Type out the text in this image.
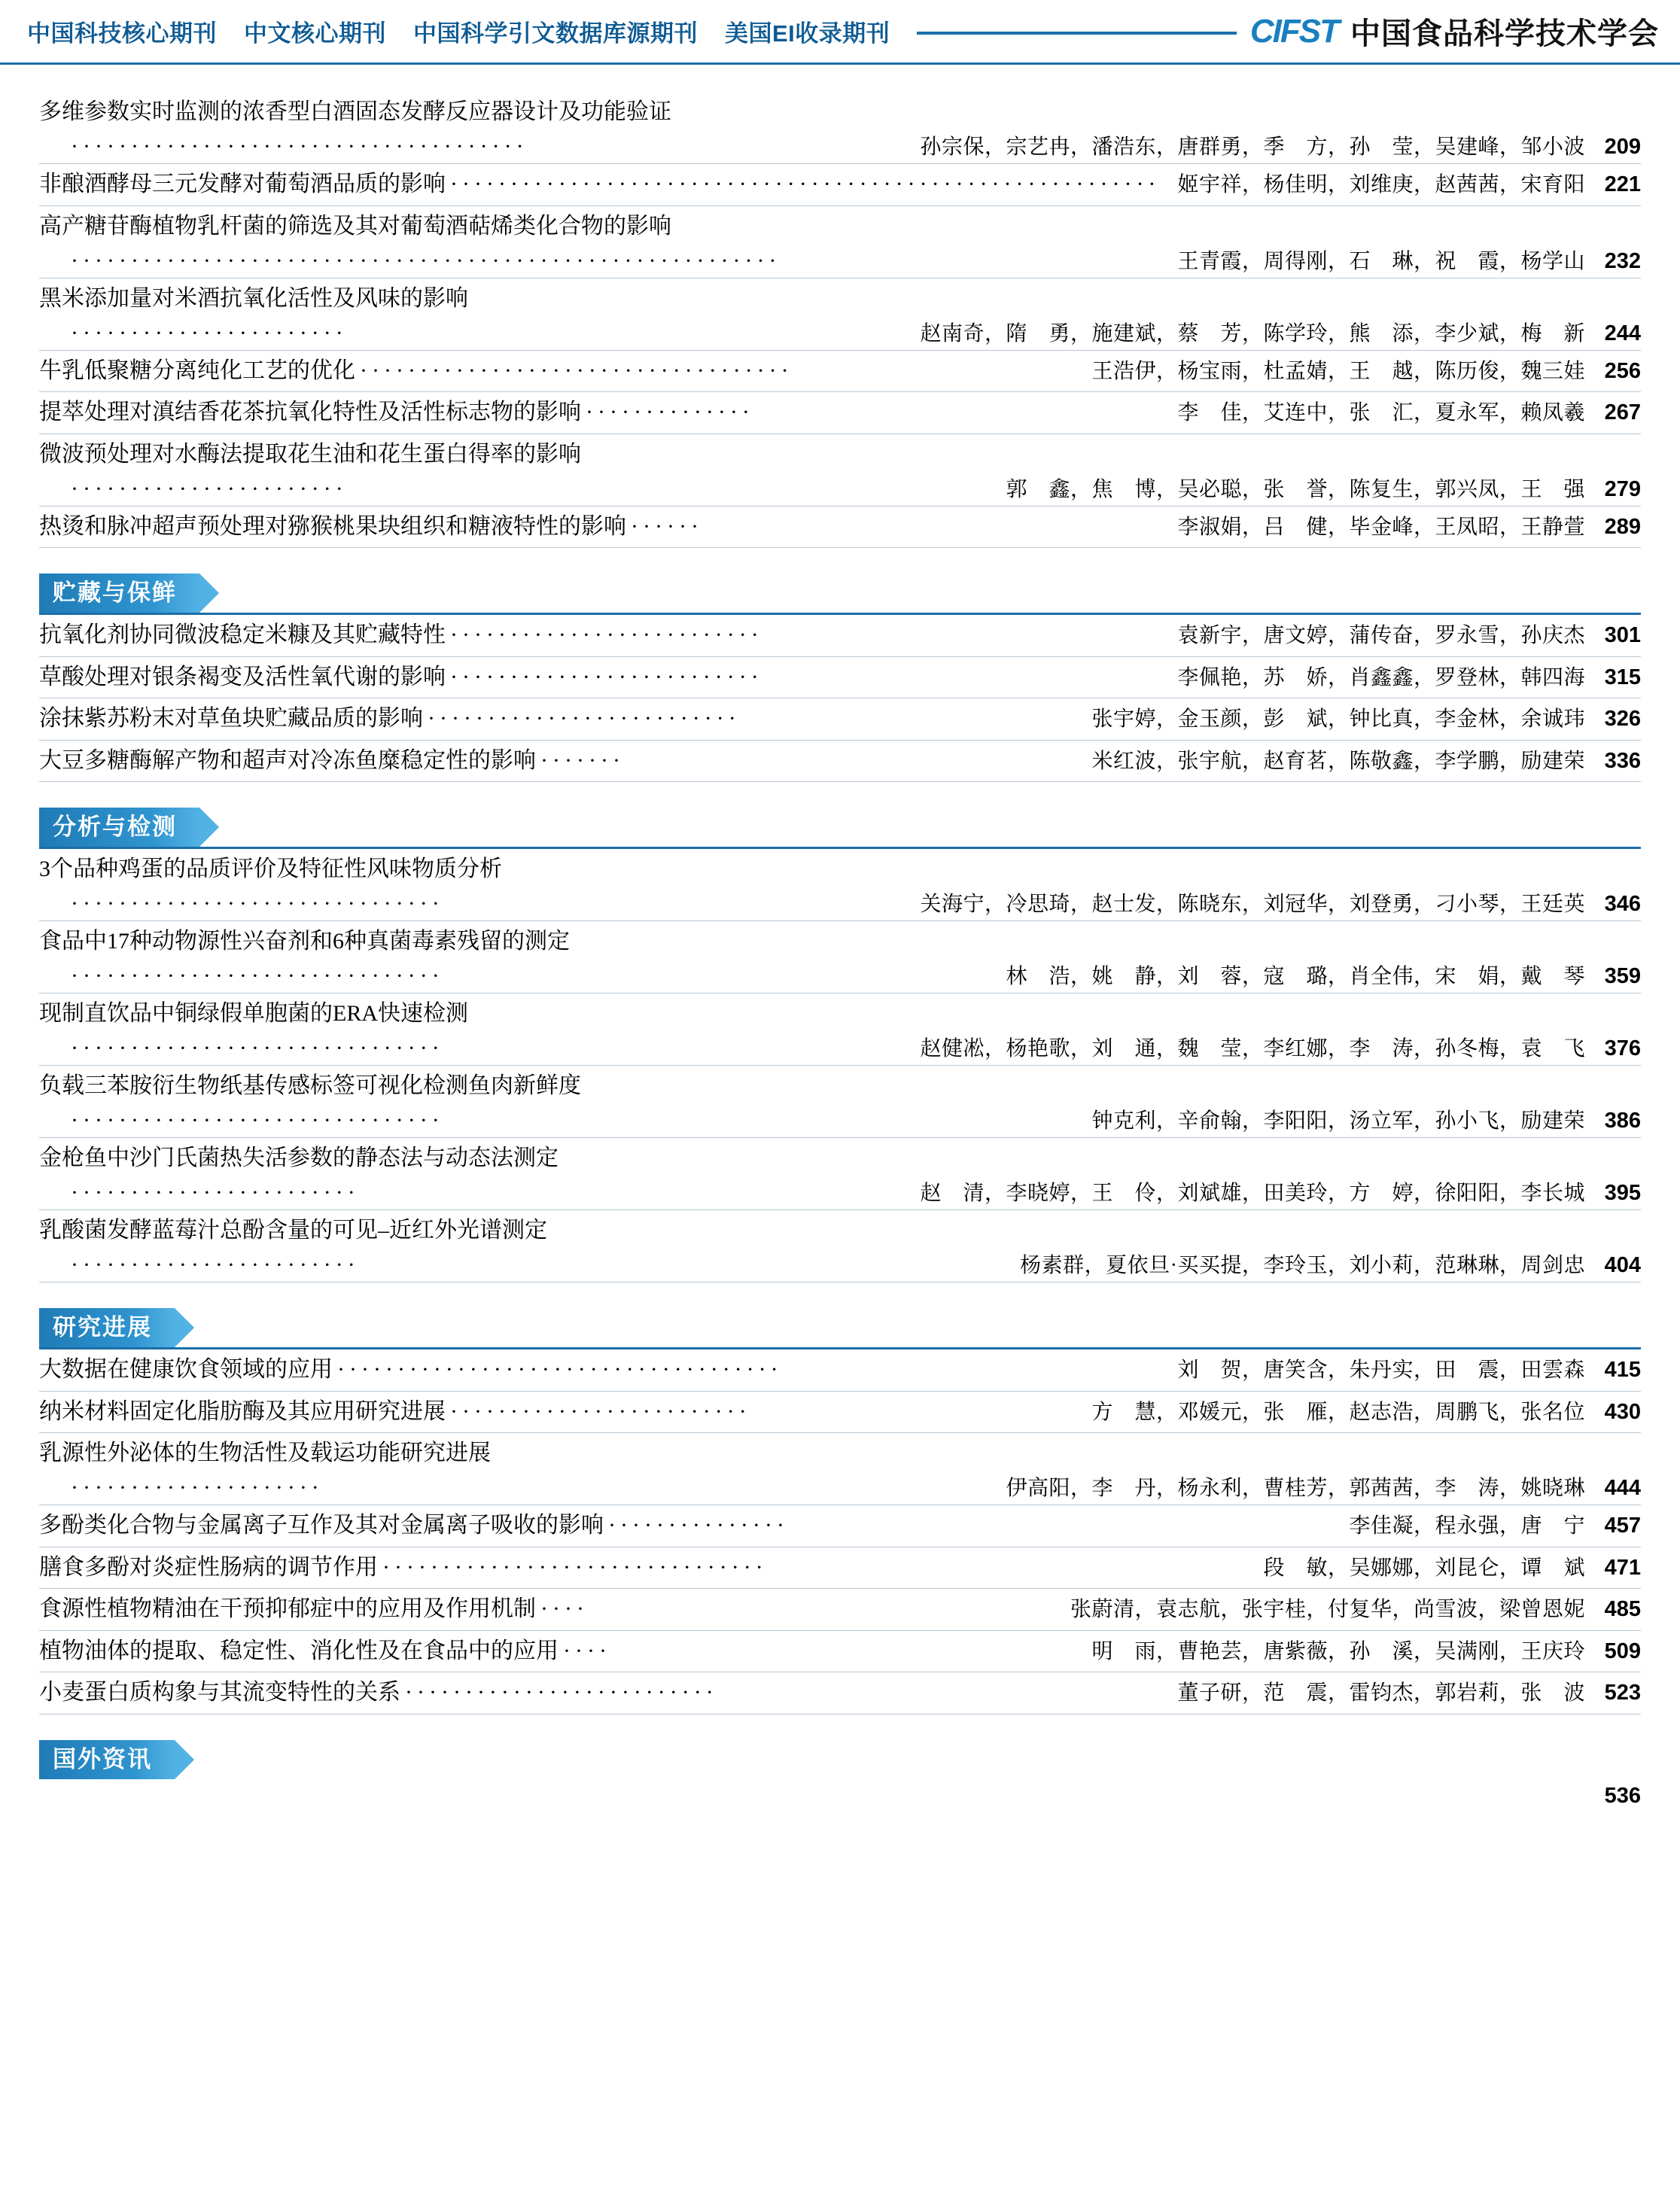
中国科技核心期刊	中文核心期刊	中国科学引文数据库源期刊	美国EI收录期刊	CIFST 中国食品科学技术学会
多维参数实时监测的浓香型白酒固态发酵反应器设计及功能验证
······································	孙宗保，宗艺冉，潘浩东，唐群勇，季　方，孙　莹，吴建峰，邹小波 209
非酿酒酵母三元发酵对葡萄酒品质的影响 ··························································· 姬宇祥，杨佳明，刘维庚，赵茜茜，宋育阳 221
高产糖苷酶植物乳杆菌的筛选及其对葡萄酒萜烯类化合物的影响
···························································	王青霞，周得刚，石　琳，祝　霞，杨学山 232
黑米添加量对米酒抗氧化活性及风味的影响
·······················	赵南奇，隋　勇，施建斌，蔡　芳，陈学玲，熊　添，李少斌，梅　新 244
牛乳低聚糖分离纯化工艺的优化 ····································	王浩伊，杨宝雨，杜孟婧，王　越，陈历俊，魏三娃 256
提萃处理对滇结香花茶抗氧化特性及活性标志物的影响 ··············	李　佳，艾连中，张　汇，夏永军，赖凤羲 267
微波预处理对水酶法提取花生油和花生蛋白得率的影响
·······················	郭　鑫，焦　博，吴必聪，张　誉，陈复生，郭兴凤，王　强 279
热烫和脉冲超声预处理对猕猴桃果块组织和糖液特性的影响 ······	李淑娟，吕　健，毕金峰，王凤昭，王静萱 289
贮藏与保鲜
抗氧化剂协同微波稳定米糠及其贮藏特性 ··························	袁新宇，唐文婷，蒲传奋，罗永雪，孙庆杰 301
草酸处理对银条褐变及活性氧代谢的影响 ··························	李佩艳，苏　娇，肖鑫鑫，罗登林，韩四海 315
涂抹紫苏粉末对草鱼块贮藏品质的影响 ··························	张宇婷，金玉颜，彭　斌，钟比真，李金林，余诚玮 326
大豆多糖酶解产物和超声对冷冻鱼糜稳定性的影响 ·······	米红波，张宇航，赵育茗，陈敬鑫，李学鹏，励建荣 336
分析与检测
3个品种鸡蛋的品质评价及特征性风味物质分析
·······························	关海宁，冷思琦，赵士发，陈晓东，刘冠华，刘登勇，刁小琴，王廷英 346
食品中17种动物源性兴奋剂和6种真菌毒素残留的测定
·······························	林　浩，姚　静，刘　蓉，寇　璐，肖全伟，宋　娟，戴　琴 359
现制直饮品中铜绿假单胞菌的ERA快速检测
·······························	赵健凇，杨艳歌，刘　通，魏　莹，李红娜，李　涛，孙冬梅，袁　飞 376
负载三苯胺衍生物纸基传感标签可视化检测鱼肉新鲜度
·······························	钟克利，辛俞翰，李阳阳，汤立军，孙小飞，励建荣 386
金枪鱼中沙门氏菌热失活参数的静态法与动态法测定
························	赵　清，李晓婷，王　伶，刘斌雄，田美玲，方　婷，徐阳阳，李长城 395
乳酸菌发酵蓝莓汁总酚含量的可见–近红外光谱测定
························	杨素群，夏依旦·买买提，李玲玉，刘小莉，范琳琳，周剑忠 404
研究进展
大数据在健康饮食领域的应用 ·····································	刘　贺，唐笑含，朱丹实，田　震，田雲森 415
纳米材料固定化脂肪酶及其应用研究进展 ·························	方　慧，邓媛元，张　雁，赵志浩，周鹏飞，张名位 430
乳源性外泌体的生物活性及载运功能研究进展
·····················	伊高阳，李　丹，杨永利，曹桂芳，郭茜茜，李　涛，姚晓琳 444
多酚类化合物与金属离子互作及其对金属离子吸收的影响 ···············	李佳凝，程永强，唐　宁 457
膳食多酚对炎症性肠病的调节作用 ································	段　敏，吴娜娜，刘昆仑，谭　斌 471
食源性植物精油在干预抑郁症中的应用及作用机制 ····	张蔚清，袁志航，张宇桂，付复华，尚雪波，梁曾恩妮 485
植物油体的提取、稳定性、消化性及在食品中的应用 ····	明　雨，曹艳芸，唐紫薇，孙　溪，吴满刚，王庆玲 509
小麦蛋白质构象与其流变特性的关系 ··························	董子研，范　震，雷钧杰，郭岩莉，张　波 523
国外资讯
536
